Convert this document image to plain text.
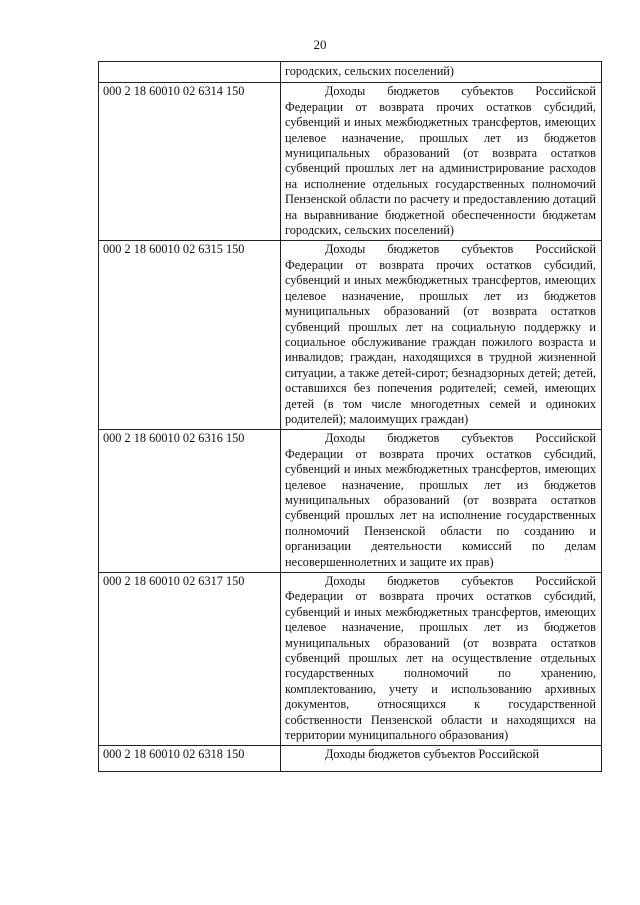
20

	городских, сельских поселений)

000 2 18 60010 02 6314 150	Доходы бюджетов субъектов Российской Федерации от возврата прочих остатков субсидий, субвенций и иных межбюджетных трансфертов, имеющих целевое назначение, прошлых лет из бюджетов муниципальных образований (от возврата остатков субвенций прошлых лет на администрирование расходов на исполнение отдельных государственных полномочий Пензенской области по расчету и предоставлению дотаций на выравнивание бюджетной обеспеченности бюджетам городских, сельских поселений)

000 2 18 60010 02 6315 150	Доходы бюджетов субъектов Российской Федерации от возврата прочих остатков субсидий, субвенций и иных межбюджетных трансфертов, имеющих целевое назначение, прошлых лет из бюджетов муниципальных образований (от возврата остатков субвенций прошлых лет на социальную поддержку и социальное обслуживание граждан пожилого возраста и инвалидов; граждан, находящихся в трудной жизненной ситуации, а также детей-сирот; безнадзорных детей; детей, оставшихся без попечения родителей; семей, имеющих детей (в том числе многодетных семей и одиноких родителей); малоимущих граждан)

000 2 18 60010 02 6316 150	Доходы бюджетов субъектов Российской Федерации от возврата прочих остатков субсидий, субвенций и иных межбюджетных трансфертов, имеющих целевое назначение, прошлых лет из бюджетов муниципальных образований (от возврата остатков субвенций прошлых лет на исполнение государственных полномочий Пензенской области по созданию и организации деятельности комиссий по делам несовершеннолетних и защите их прав)

000 2 18 60010 02 6317 150	Доходы бюджетов субъектов Российской Федерации от возврата прочих остатков субсидий, субвенций и иных межбюджетных трансфертов, имеющих целевое назначение, прошлых лет из бюджетов муниципальных образований (от возврата остатков субвенций прошлых лет на осуществление отдельных государственных полномочий по хранению, комплектованию, учету и использованию архивных документов, относящихся к государственной собственности Пензенской области и находящихся на территории муниципального образования)

000 2 18 60010 02 6318 150	Доходы бюджетов субъектов Российской
